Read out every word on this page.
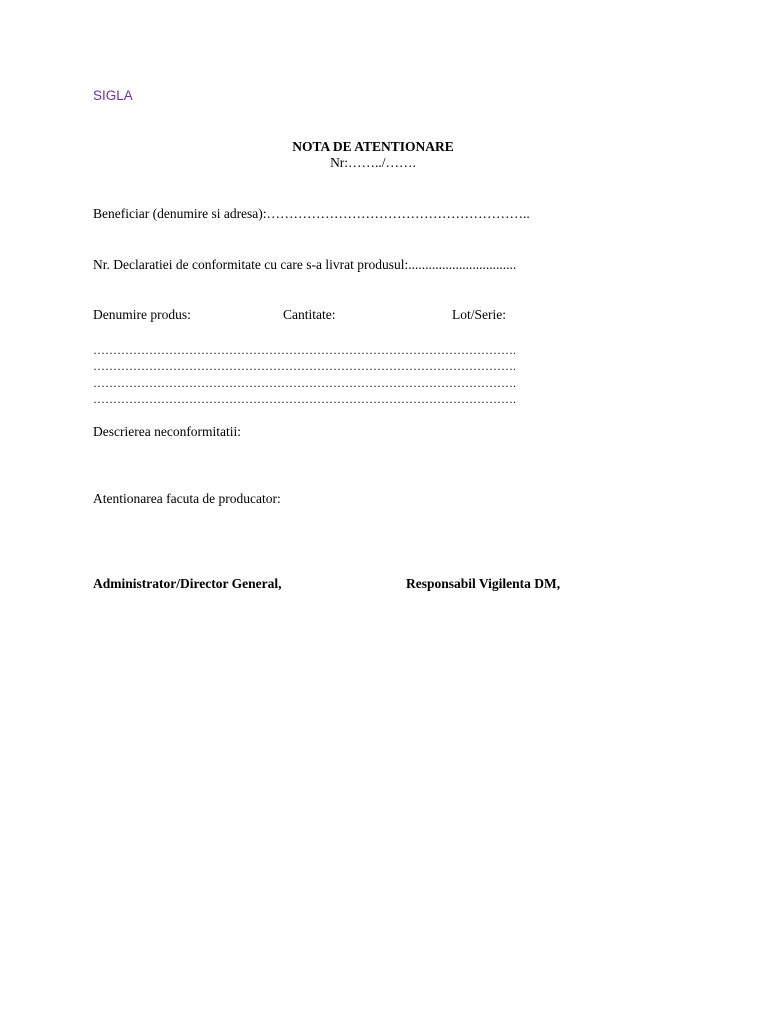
SIGLA
NOTA DE ATENTIONARE
Nr:……../…….
Beneficiar (denumire si adresa):…………………………………………………..
Nr. Declaratiei de conformitate cu care s-a livrat produsul:................................
Denumire produs:	Cantitate:	Lot/Serie:
…………………………………………………………………………………………….
…………………………………………………………………………………………….
…………………………………………………………………………………………….
…………………………………………………………………………………………….
Descrierea neconformitatii:
Atentionarea facuta de producator:
Administrator/Director General,	Responsabil Vigilenta DM,
